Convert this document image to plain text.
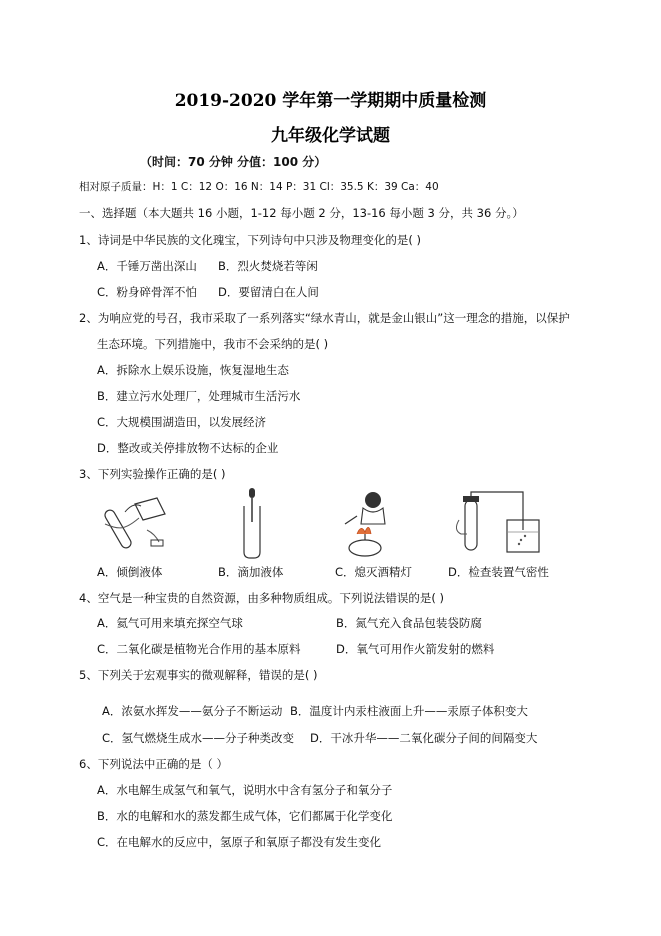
2019-2020 学年第一学期期中质量检测
九年级化学试题
（时间：70 分钟 分值：100 分）
相对原子质量：H：1 C：12 O：16 N：14 P：31 Cl：35.5 K：39 Ca：40
一、选择题（本大题共 16 小题，1-12 每小题 2 分，13-16 每小题 3 分，共 36 分。）
1、诗词是中华民族的文化瑰宝，下列诗句中只涉及物理变化的是( )
A．千锤万凿出深山 B．烈火焚烧若等闲
C．粉身碎骨浑不怕 D．要留清白在人间
2、为响应党的号召，我市采取了一系列落实“绿水青山，就是金山银山”这一理念的措施，以保护
生态环境。下列措施中，我市不会采纳的是( )
A．拆除水上娱乐设施，恢复湿地生态
B．建立污水处理厂，处理城市生活污水
C．大规模围湖造田，以发展经济
D．整改或关停排放物不达标的企业
3、下列实验操作正确的是( )
A．倾倒液体	B．滴加液体	C．熄灭酒精灯	D．检查装置气密性
4、空气是一种宝贵的自然资源，由多种物质组成。下列说法错误的是( )
A．氦气可用来填充探空气球	B．氮气充入食品包装袋防腐
C．二氧化碳是植物光合作用的基本原料	D．氧气可用作火箭发射的燃料
5、下列关于宏观事实的微观解释，错误的是( )
A．浓氨水挥发——氨分子不断运动 B．温度计内汞柱液面上升——汞原子体积变大
C．氢气燃烧生成水——分子种类改变 D．干冰升华——二氧化碳分子间的间隔变大
6、下列说法中正确的是（ ）
A．水电解生成氢气和氧气，说明水中含有氢分子和氧分子
B．水的电解和水的蒸发都生成气体，它们都属于化学变化
C．在电解水的反应中，氢原子和氧原子都没有发生变化
